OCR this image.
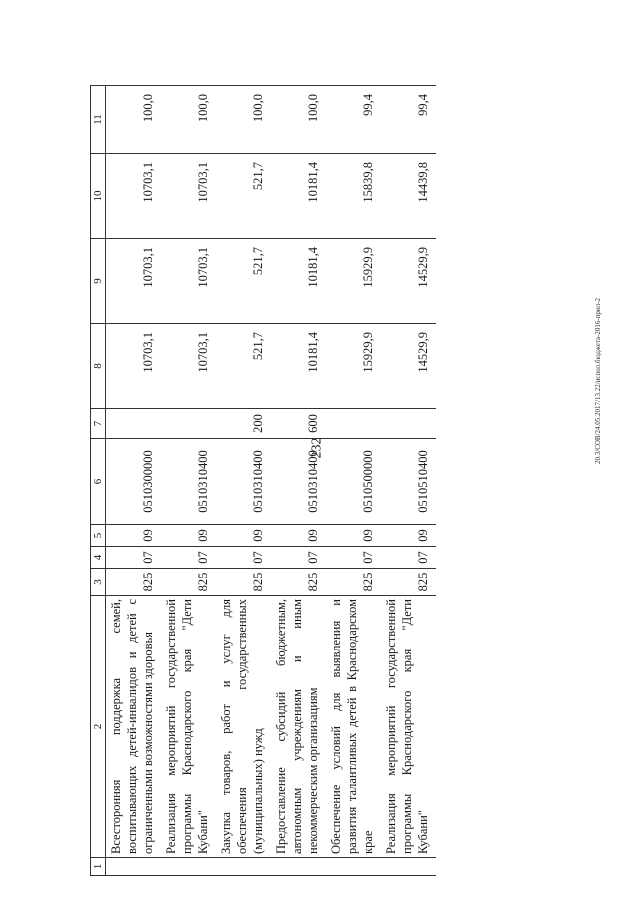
232	20.3/СОВ/24.05.2017/13.22/испол.бюджета-2016-прил-2
1	2	3	4	5	6	7	8	9	10	11
	Всесторонняя поддержка семей, воспитывающих детей-инвалидов и детей с ограниченными возможностями здоровья	825	07	09	0510300000		10703,1	10703,1	10703,1	100,0
	Реализация мероприятий государственной программы Краснодарского края "Дети Кубани"	825	07	09	0510310400		10703,1	10703,1	10703,1	100,0
	Закупка товаров, работ и услуг для обеспечения государственных (муниципальных) нужд	825	07	09	0510310400	200	521,7	521,7	521,7	100,0
	Предоставление субсидий бюджетным, автономным учреждениям и иным некоммерческим организациям	825	07	09	0510310400	600	10181,4	10181,4	10181,4	100,0
	Обеспечение условий для выявления и развития талантливых детей в Краснодарском крае	825	07	09	0510500000		15929,9	15929,9	15839,8	99,4
	Реализация мероприятий государственной программы Краснодарского края "Дети Кубани"	825	07	09	0510510400		14529,9	14529,9	14439,8	99,4
